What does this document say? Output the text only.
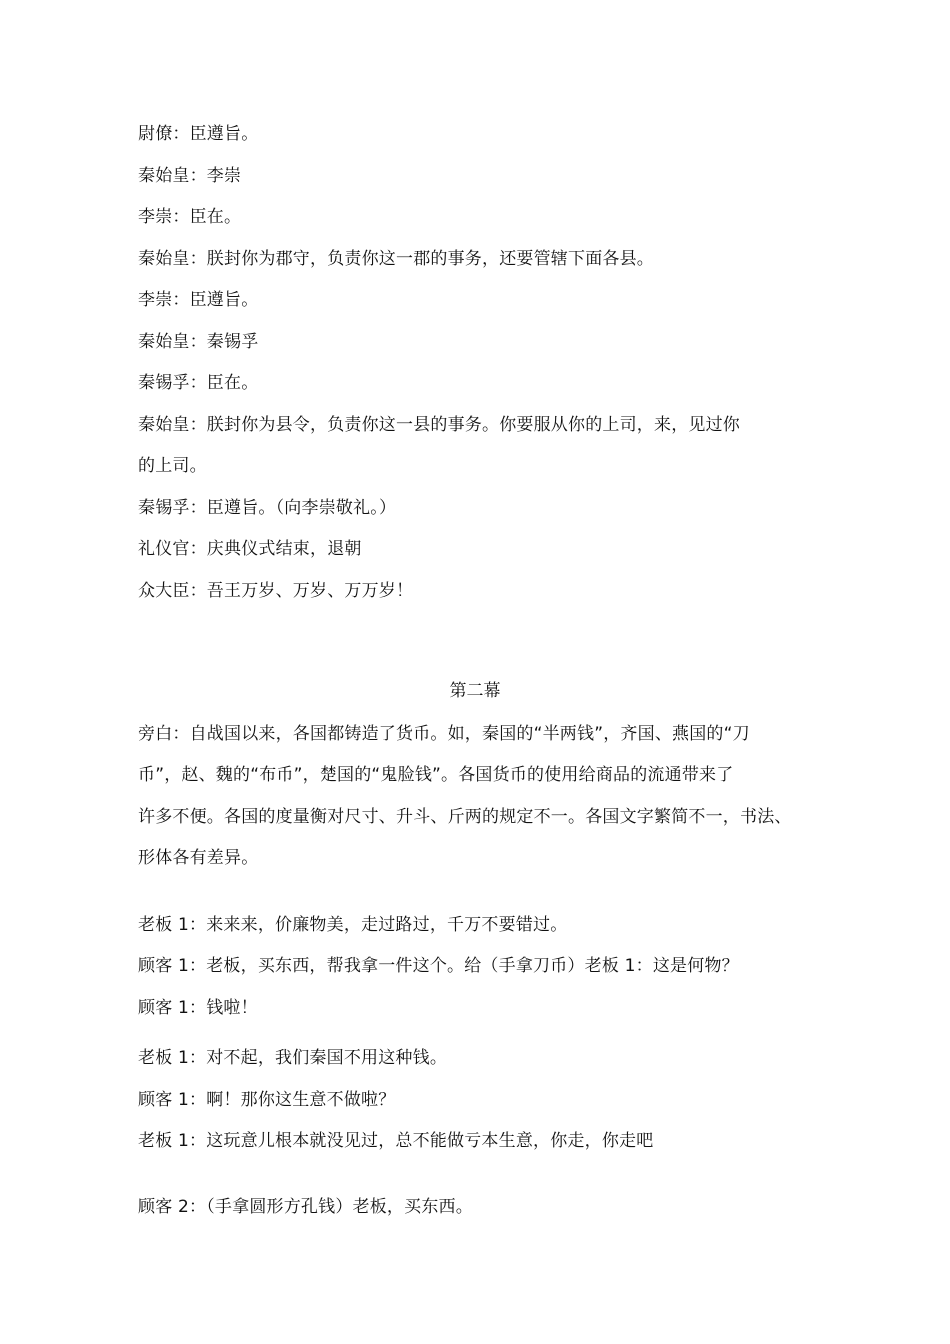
尉僚：臣遵旨。
秦始皇：李崇
李崇：臣在。
秦始皇：朕封你为郡守，负责你这一郡的事务，还要管辖下面各县。
李崇：臣遵旨。
秦始皇：秦锡孚
秦锡孚：臣在。
秦始皇：朕封你为县令，负责你这一县的事务。你要服从你的上司，来，见过你
的上司。
秦锡孚：臣遵旨。（向李崇敬礼。）
礼仪官：庆典仪式结束，退朝
众大臣：吾王万岁、万岁、万万岁！
第二幕
旁白：自战国以来，各国都铸造了货币。如，秦国的“半两钱”，齐国、燕国的“刀
币”，赵、魏的“布币”，楚国的“鬼脸钱”。各国货币的使用给商品的流通带来了
许多不便。各国的度量衡对尺寸、升斗、斤两的规定不一。各国文字繁简不一，书法、
形体各有差异。
老板 1：来来来，价廉物美，走过路过，千万不要错过。
顾客 1：老板，买东西，帮我拿一件这个。给（手拿刀币）老板 1：这是何物？
顾客 1：钱啦！
老板 1：对不起，我们秦国不用这种钱。
顾客 1：啊！那你这生意不做啦？
老板 1：这玩意儿根本就没见过，总不能做亏本生意，你走，你走吧
顾客 2：（手拿圆形方孔钱）老板，买东西。
